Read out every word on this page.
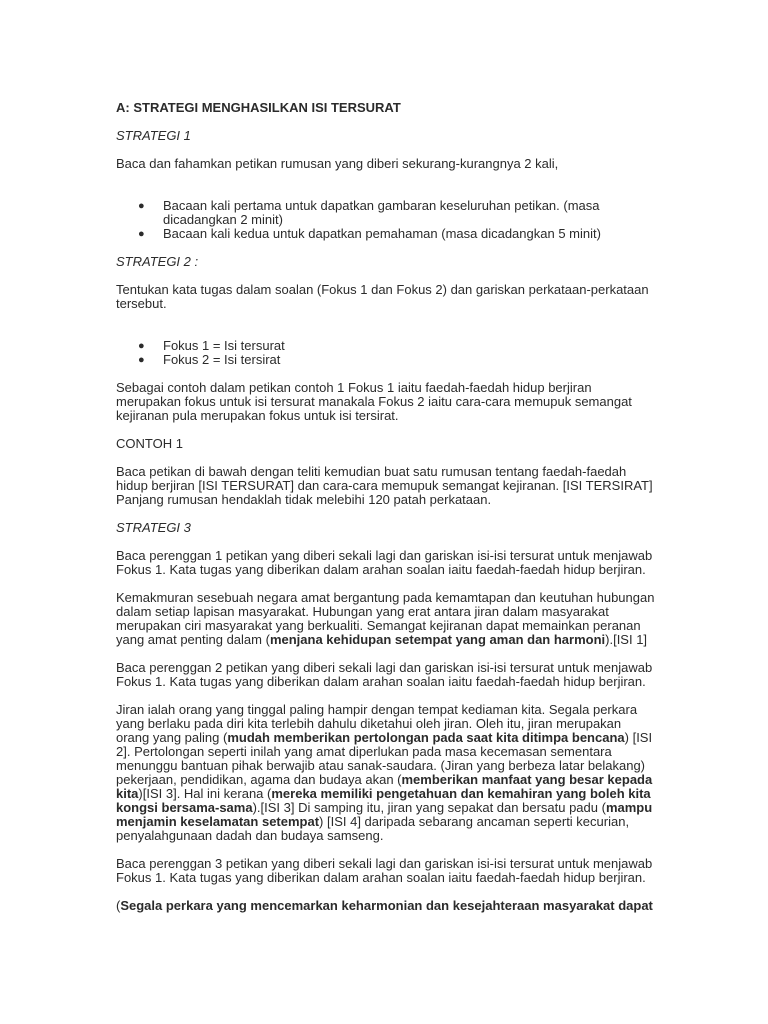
A: STRATEGI MENGHASILKAN ISI TERSURAT

STRATEGI 1

Baca dan fahamkan petikan rumusan yang diberi sekurang-kurangnya 2 kali,

● Bacaan kali pertama untuk dapatkan gambaran keseluruhan petikan. (masa
dicadangkan 2 minit)
● Bacaan kali kedua untuk dapatkan pemahaman (masa dicadangkan 5 minit)

STRATEGI 2 :

Tentukan kata tugas dalam soalan (Fokus 1 dan Fokus 2) dan gariskan perkataan-perkataan
tersebut.

● Fokus 1 = Isi tersurat
● Fokus 2 = Isi tersirat

Sebagai contoh dalam petikan contoh 1 Fokus 1 iaitu faedah-faedah hidup berjiran
merupakan fokus untuk isi tersurat manakala Fokus 2 iaitu cara-cara memupuk semangat
kejiranan pula merupakan fokus untuk isi tersirat.

CONTOH 1

Baca petikan di bawah dengan teliti kemudian buat satu rumusan tentang faedah-faedah
hidup berjiran [ISI TERSURAT] dan cara-cara memupuk semangat kejiranan. [ISI TERSIRAT]
Panjang rumusan hendaklah tidak melebihi 120 patah perkataan.

STRATEGI 3

Baca perenggan 1 petikan yang diberi sekali lagi dan gariskan isi-isi tersurat untuk menjawab
Fokus 1. Kata tugas yang diberikan dalam arahan soalan iaitu faedah-faedah hidup berjiran.

Kemakmuran sesebuah negara amat bergantung pada kemamtapan dan keutuhan hubungan
dalam setiap lapisan masyarakat. Hubungan yang erat antara jiran dalam masyarakat
merupakan ciri masyarakat yang berkualiti. Semangat kejiranan dapat memainkan peranan
yang amat penting dalam (menjana kehidupan setempat yang aman dan harmoni).[ISI 1]

Baca perenggan 2 petikan yang diberi sekali lagi dan gariskan isi-isi tersurat untuk menjawab
Fokus 1. Kata tugas yang diberikan dalam arahan soalan iaitu faedah-faedah hidup berjiran.

Jiran ialah orang yang tinggal paling hampir dengan tempat kediaman kita. Segala perkara
yang berlaku pada diri kita terlebih dahulu diketahui oleh jiran. Oleh itu, jiran merupakan
orang yang paling (mudah memberikan pertolongan pada saat kita ditimpa bencana) [ISI
2]. Pertolongan seperti inilah yang amat diperlukan pada masa kecemasan sementara
menunggu bantuan pihak berwajib atau sanak-saudara. (Jiran yang berbeza latar belakang)
pekerjaan, pendidikan, agama dan budaya akan (memberikan manfaat yang besar kepada
kita)[ISI 3]. Hal ini kerana (mereka memiliki pengetahuan dan kemahiran yang boleh kita
kongsi bersama-sama).[ISI 3] Di samping itu, jiran yang sepakat dan bersatu padu (mampu
menjamin keselamatan setempat) [ISI 4] daripada sebarang ancaman seperti kecurian,
penyalahgunaan dadah dan budaya samseng.

Baca perenggan 3 petikan yang diberi sekali lagi dan gariskan isi-isi tersurat untuk menjawab
Fokus 1. Kata tugas yang diberikan dalam arahan soalan iaitu faedah-faedah hidup berjiran.

(Segala perkara yang mencemarkan keharmonian dan kesejahteraan masyarakat dapat
